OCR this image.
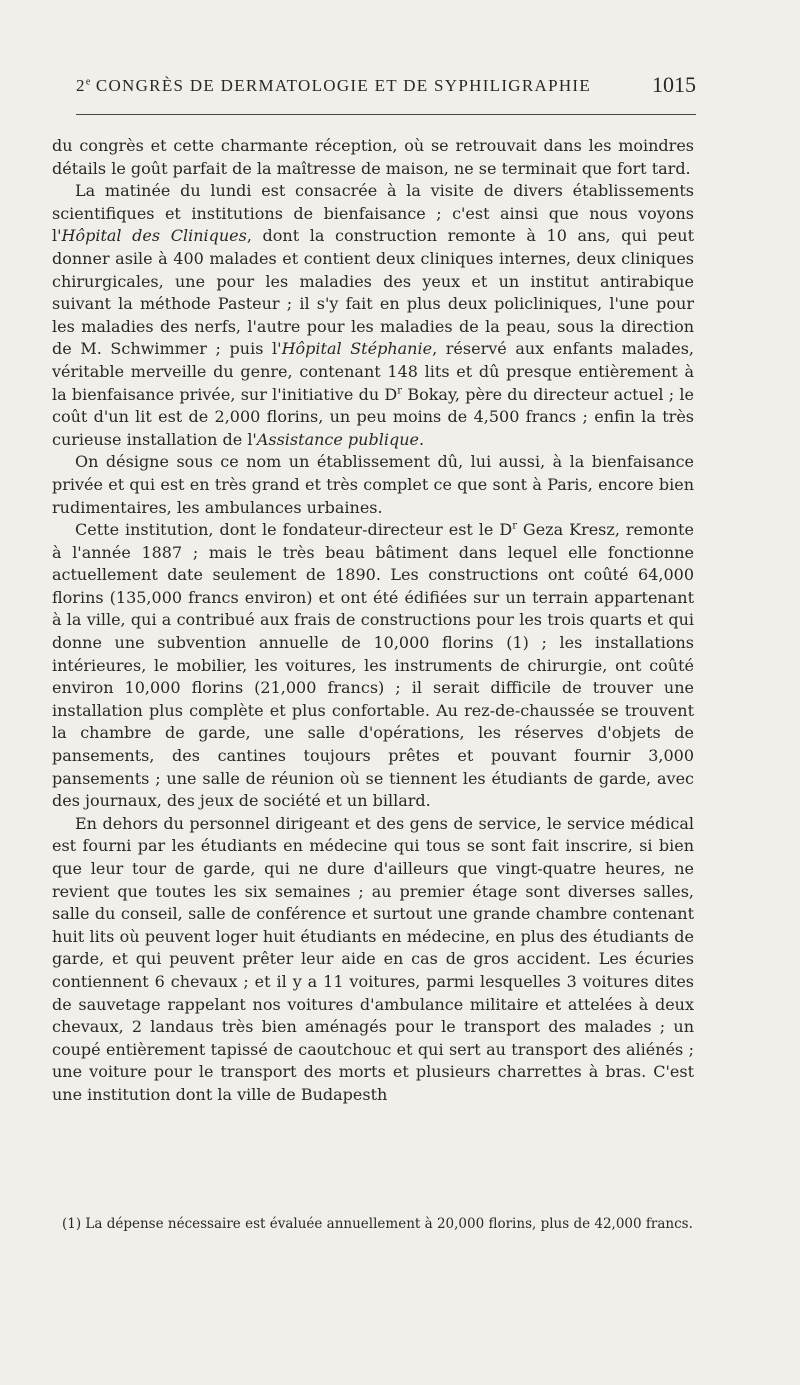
2e CONGRÈS DE DERMATOLOGIE ET DE SYPHILIGRAPHIE	1015

du congrès et cette charmante réception, où se retrouvait dans les moindres détails le goût parfait de la maîtresse de maison, ne se terminait que fort tard.

La matinée du lundi est consacrée à la visite de divers établissements scientifiques et institutions de bienfaisance ; c'est ainsi que nous voyons l'Hôpital des Cliniques, dont la construction remonte à 10 ans, qui peut donner asile à 400 malades et contient deux cliniques internes, deux cliniques chirurgicales, une pour les maladies des yeux et un institut antirabique suivant la méthode Pasteur ; il s'y fait en plus deux policliniques, l'une pour les maladies des nerfs, l'autre pour les maladies de la peau, sous la direction de M. Schwimmer ; puis l'Hôpital Stéphanie, réservé aux enfants malades, véritable merveille du genre, contenant 148 lits et dû presque entièrement à la bienfaisance privée, sur l'initiative du $D^r$ Bokay, père du directeur actuel ; le coût d'un lit est de 2,000 florins, un peu moins de 4,500 francs ; enfin la très curieuse installation de l'Assistance publique.

On désigne sous ce nom un établissement dû, lui aussi, à la bienfaisance privée et qui est en très grand et très complet ce que sont à Paris, encore bien rudimentaires, les ambulances urbaines.

Cette institution, dont le fondateur-directeur est le $D^r$ Geza Kresz, remonte à l'année 1887 ; mais le très beau bâtiment dans lequel elle fonctionne actuellement date seulement de 1890. Les constructions ont coûté 64,000 florins (135,000 francs environ) et ont été édifiées sur un terrain appartenant à la ville, qui a contribué aux frais de constructions pour les trois quarts et qui donne une subvention annuelle de 10,000 florins (1) ; les installations intérieures, le mobilier, les voitures, les instruments de chirurgie, ont coûté environ 10,000 florins (21,000 francs) ; il serait difficile de trouver une installation plus complète et plus confortable. Au rez-de-chaussée se trouvent la chambre de garde, une salle d'opérations, les réserves d'objets de pansements, des cantines toujours prêtes et pouvant fournir 3,000 pansements ; une salle de réunion où se tiennent les étudiants de garde, avec des journaux, des jeux de société et un billard.

En dehors du personnel dirigeant et des gens de service, le service médical est fourni par les étudiants en médecine qui tous se sont fait inscrire, si bien que leur tour de garde, qui ne dure d'ailleurs que vingt-quatre heures, ne revient que toutes les six semaines ; au premier étage sont diverses salles, salle du conseil, salle de conférence et surtout une grande chambre contenant huit lits où peuvent loger huit étudiants en médecine, en plus des étudiants de garde, et qui peuvent prêter leur aide en cas de gros accident. Les écuries contiennent 6 chevaux ; et il y a 11 voitures, parmi lesquelles 3 voitures dites de sauvetage rappelant nos voitures d'ambulance militaire et attelées à deux chevaux, 2 landaus très bien aménagés pour le transport des malades ; un coupé entièrement tapissé de caoutchouc et qui sert au transport des aliénés ; une voiture pour le transport des morts et plusieurs charrettes à bras. C'est une institution dont la ville de Budapesth

(1) La dépense nécessaire est évaluée annuellement à 20,000 florins, plus de 42,000 francs.
